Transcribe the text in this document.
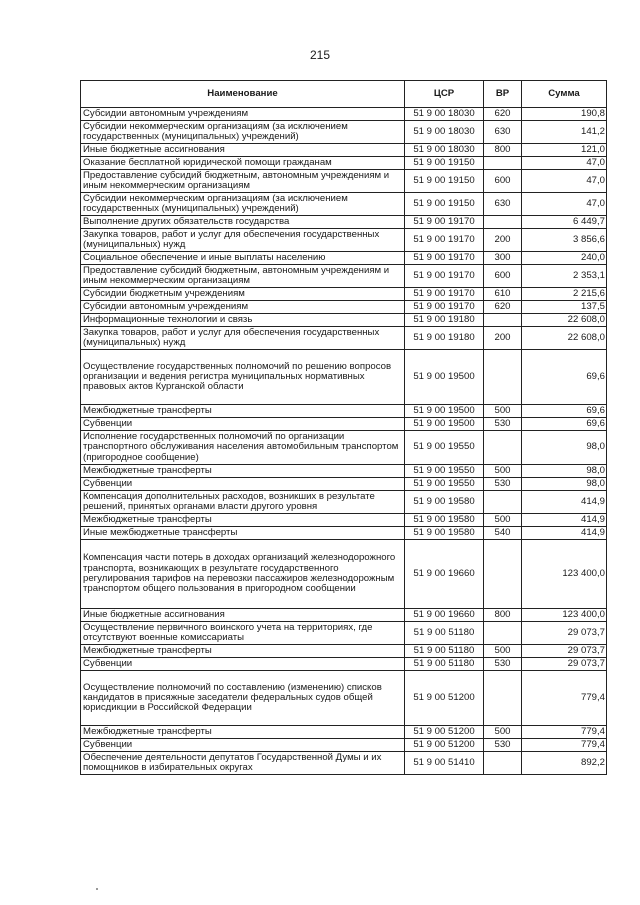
215
Наименование	ЦСР	ВР	Сумма
Субсидии автономным учреждениям	51 9 00 18030	620	190,8
Субсидии некоммерческим организациям (за исключением государственных (муниципальных) учреждений)	51 9 00 18030	630	141,2
Иные бюджетные ассигнования	51 9 00 18030	800	121,0
Оказание бесплатной юридической помощи гражданам	51 9 00 19150		47,0
Предоставление субсидий бюджетным, автономным учреждениям и иным некоммерческим организациям	51 9 00 19150	600	47,0
Субсидии некоммерческим организациям (за исключением государственных (муниципальных) учреждений)	51 9 00 19150	630	47,0
Выполнение других обязательств государства	51 9 00 19170		6 449,7
Закупка товаров, работ и услуг для обеспечения государственных (муниципальных) нужд	51 9 00 19170	200	3 856,6
Социальное обеспечение и иные выплаты населению	51 9 00 19170	300	240,0
Предоставление субсидий бюджетным, автономным учреждениям и иным некоммерческим организациям	51 9 00 19170	600	2 353,1
Субсидии бюджетным учреждениям	51 9 00 19170	610	2 215,6
Субсидии автономным учреждениям	51 9 00 19170	620	137,5
Информационные технологии и связь	51 9 00 19180		22 608,0
Закупка товаров, работ и услуг для обеспечения государственных (муниципальных) нужд	51 9 00 19180	200	22 608,0
Осуществление государственных полномочий по решению вопросов организации и ведения регистра муниципальных нормативных правовых актов Курганской области	51 9 00 19500		69,6
Межбюджетные трансферты	51 9 00 19500	500	69,6
Субвенции	51 9 00 19500	530	69,6
Исполнение государственных полномочий по организации транспортного обслуживания населения автомобильным транспортом (пригородное сообщение)	51 9 00 19550		98,0
Межбюджетные трансферты	51 9 00 19550	500	98,0
Субвенции	51 9 00 19550	530	98,0
Компенсация дополнительных расходов, возникших в результате решений, принятых органами власти другого уровня	51 9 00 19580		414,9
Межбюджетные трансферты	51 9 00 19580	500	414,9
Иные межбюджетные трансферты	51 9 00 19580	540	414,9
Компенсация части потерь в доходах организаций железнодорожного транспорта, возникающих в результате государственного регулирования тарифов на перевозки пассажиров железнодорожным транспортом общего пользования в пригородном сообщении	51 9 00 19660		123 400,0
Иные бюджетные ассигнования	51 9 00 19660	800	123 400,0
Осуществление первичного воинского учета на территориях, где отсутствуют военные комиссариаты	51 9 00 51180		29 073,7
Межбюджетные трансферты	51 9 00 51180	500	29 073,7
Субвенции	51 9 00 51180	530	29 073,7
Осуществление полномочий по составлению (изменению) списков кандидатов в присяжные заседатели федеральных судов общей юрисдикции в Российской Федерации	51 9 00 51200		779,4
Межбюджетные трансферты	51 9 00 51200	500	779,4
Субвенции	51 9 00 51200	530	779,4
Обеспечение деятельности депутатов Государственной Думы и их помощников в избирательных округах	51 9 00 51410		892,2
